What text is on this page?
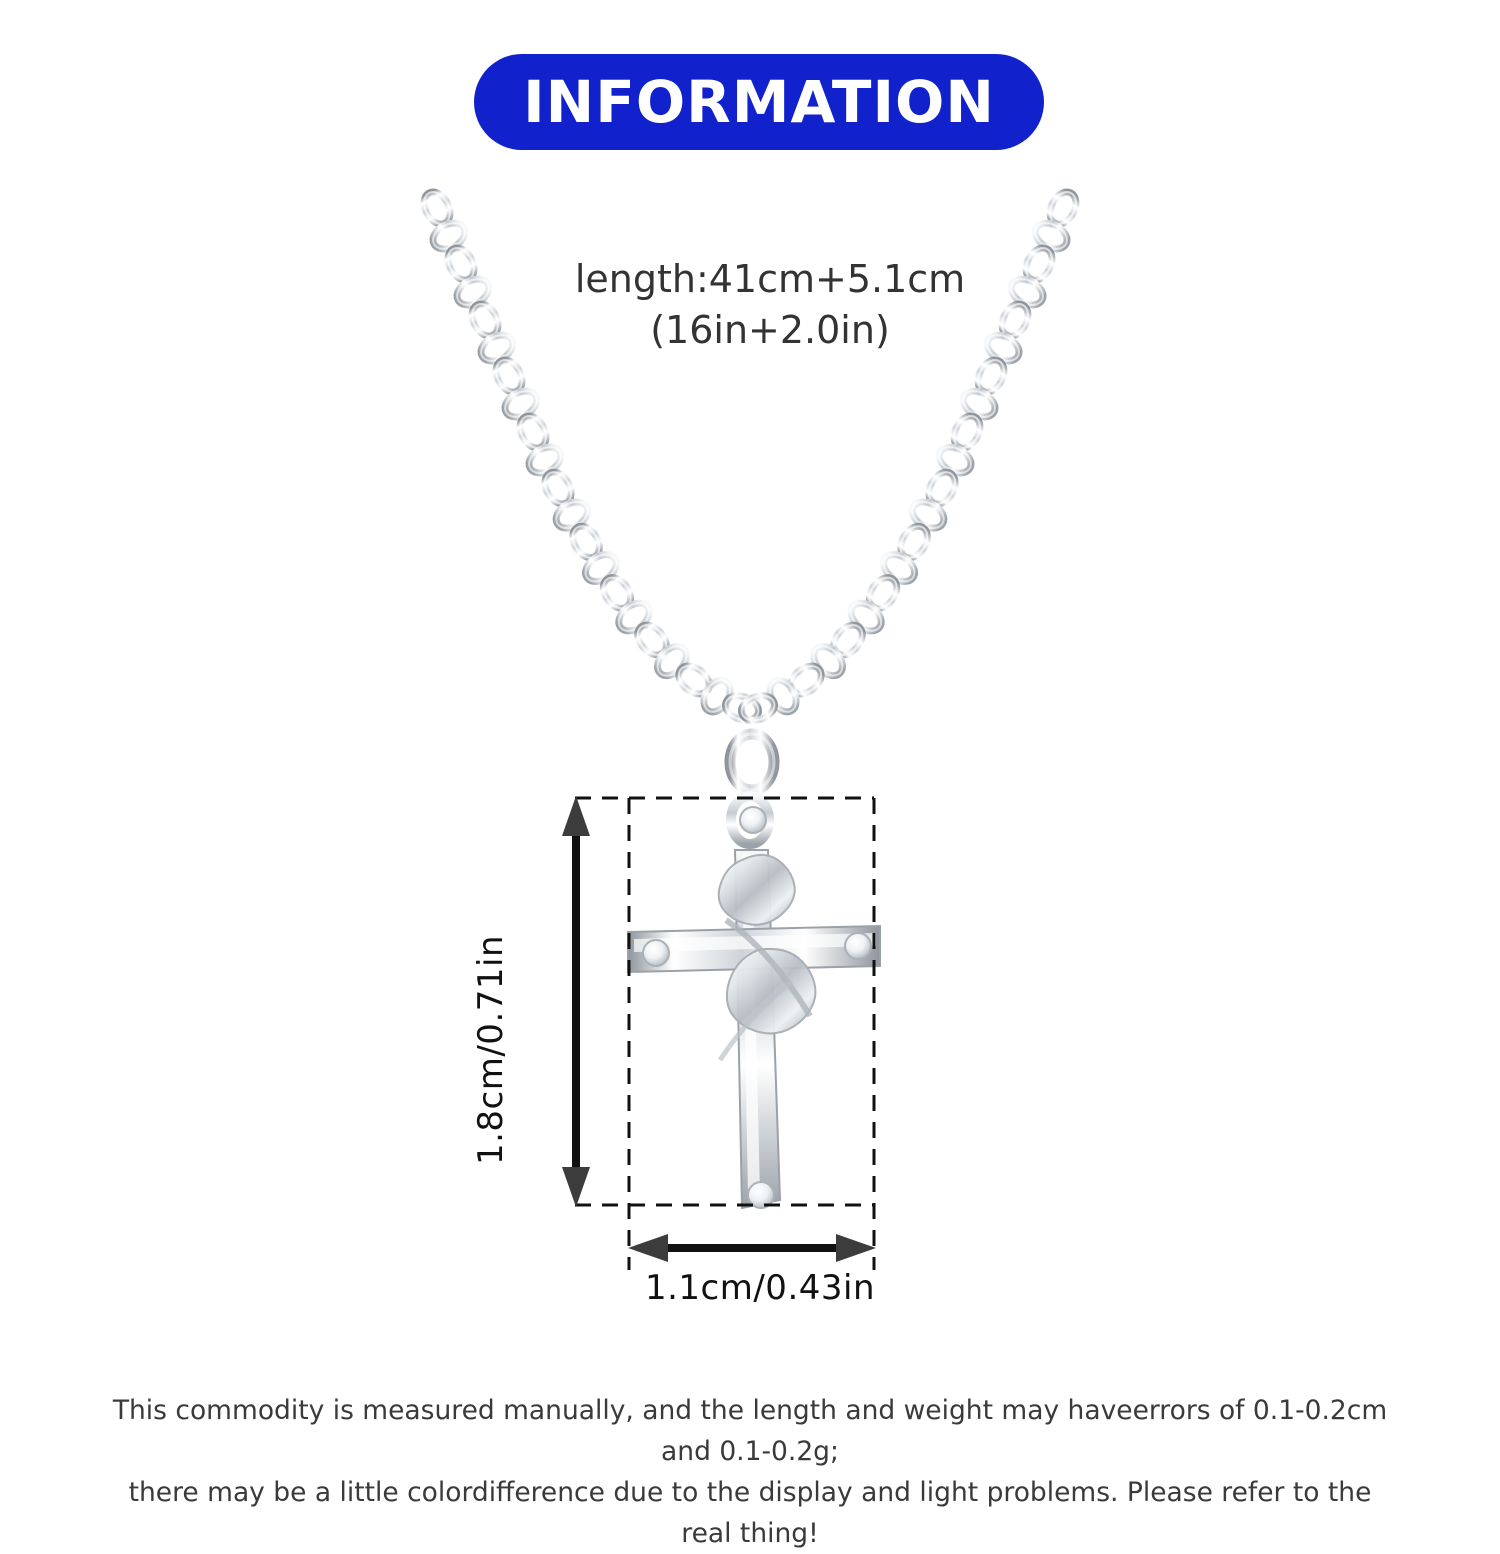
INFORMATION
length:41cm+5.1cm
(16in+2.0in)
1.8cm/0.71in
1.1cm/0.43in
This commodity is measured manually, and the length and weight may haveerrors of 0.1-0.2cm and 0.1-0.2g;
there may be a little colordifference due to the display and light problems. Please refer to the real thing!
